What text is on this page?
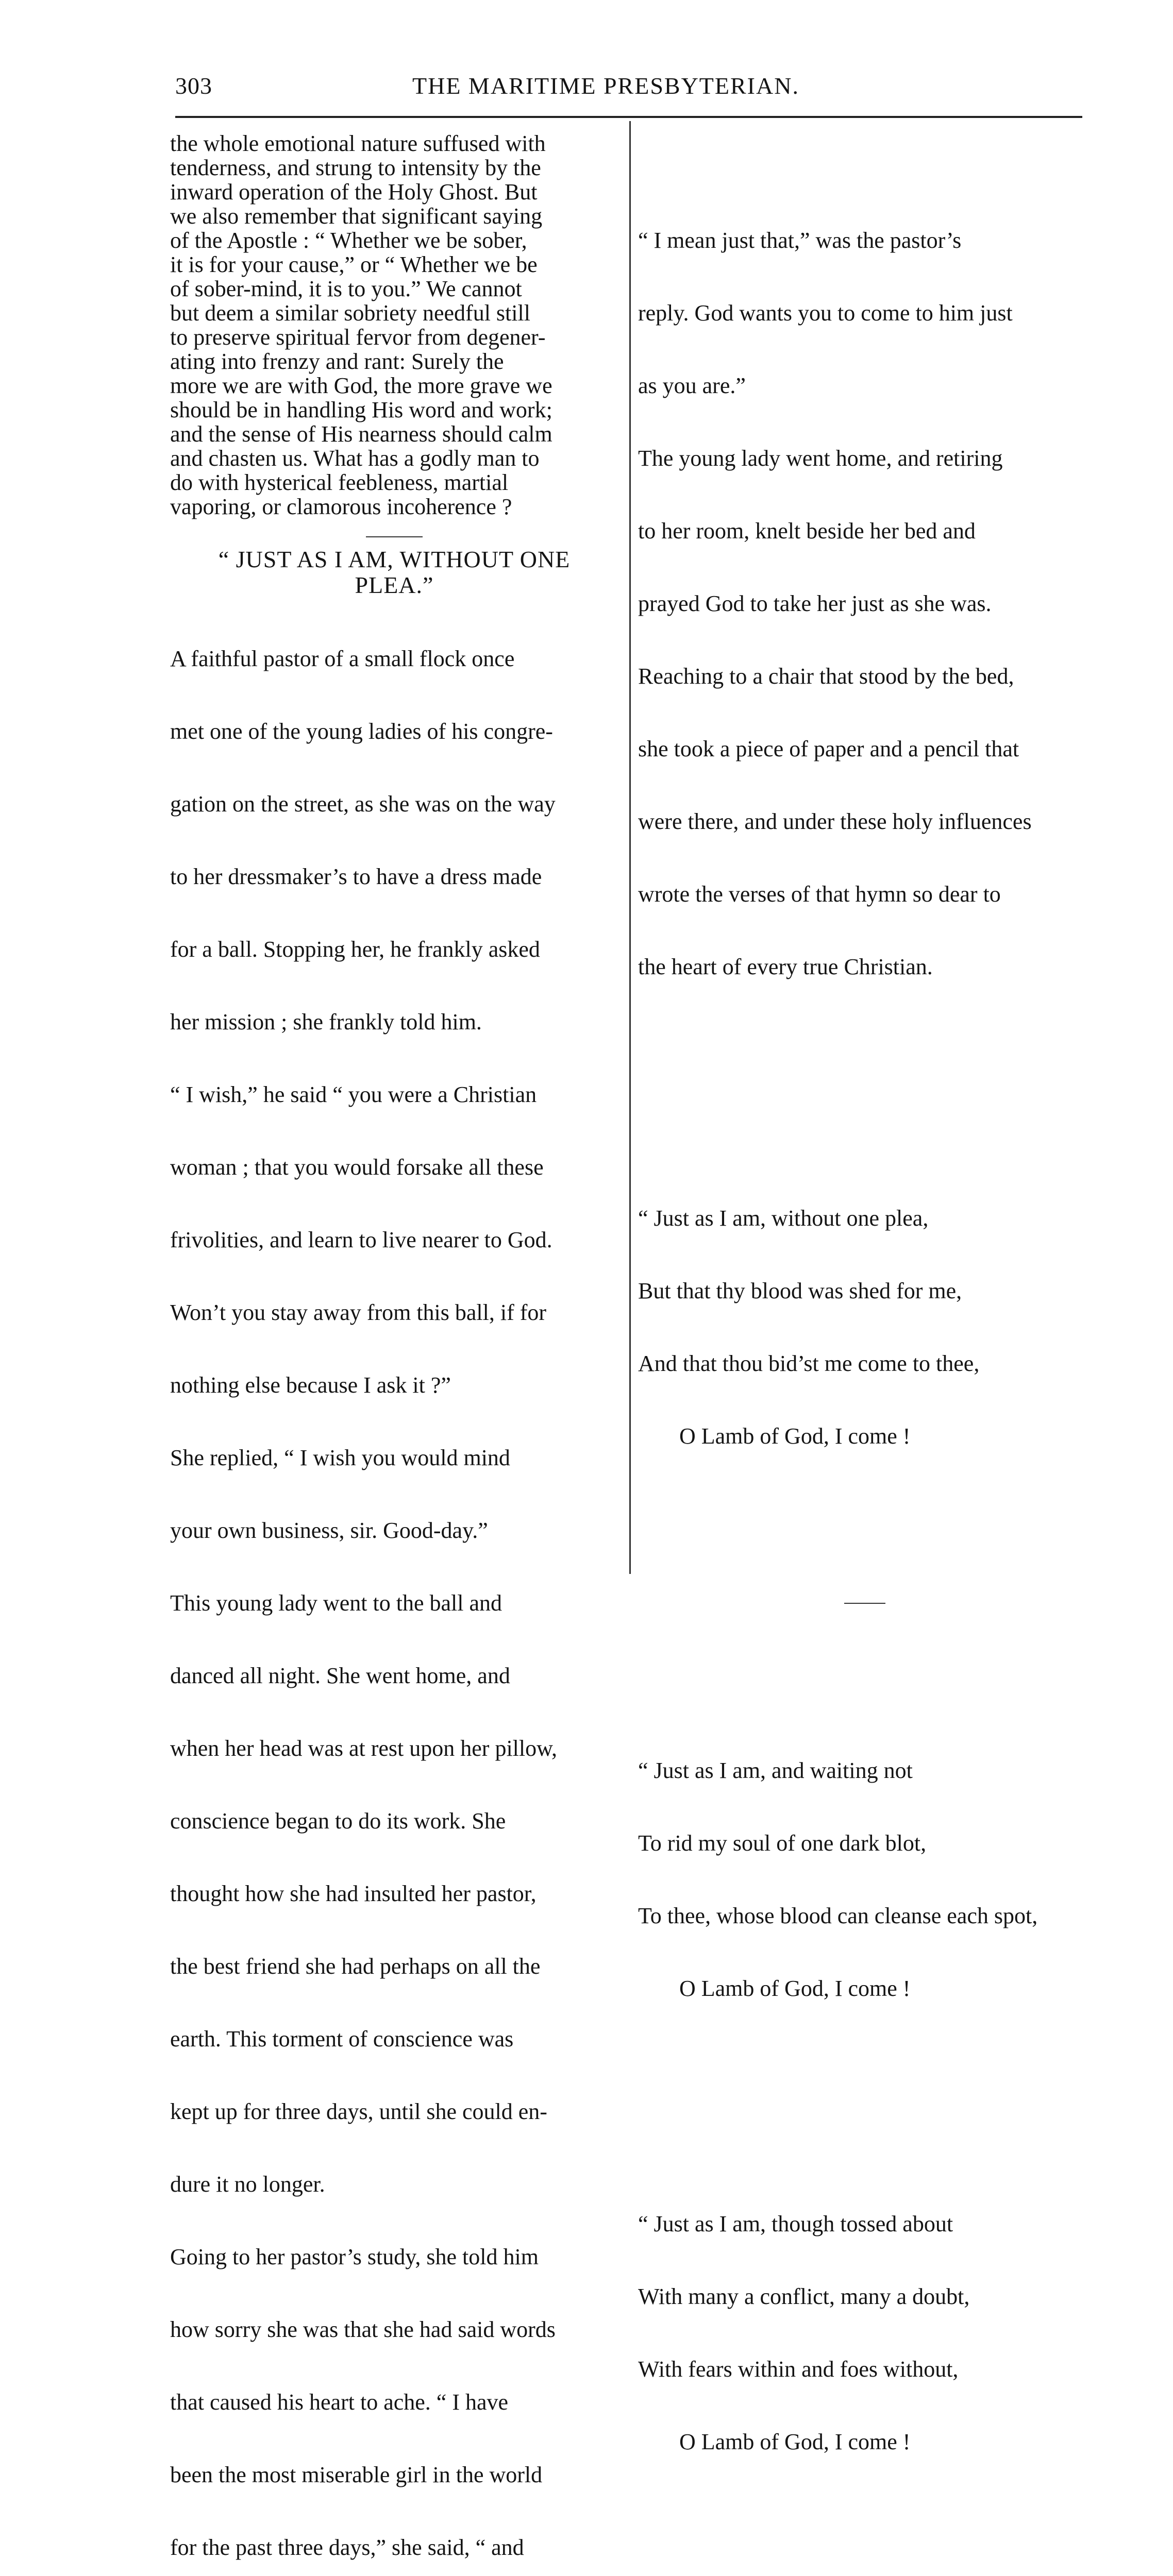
303	THE MARITIME PRESBYTERIAN.
the whole emotional nature suffused with
tenderness, and strung to intensity by the
inward operation of the Holy Ghost. But
we also remember that significant saying
of the Apostle : “ Whether we be sober,
it is for your cause,” or “ Whether we be
of sober-mind, it is to you.” We cannot
but deem a similar sobriety needful still
to preserve spiritual fervor from degener-
ating into frenzy and rant: Surely the
more we are with God, the more grave we
should be in handling His word and work;
and the sense of His nearness should calm
and chasten us. What has a godly man to
do with hysterical feebleness, martial
vaporing, or clamorous incoherence ?
“ JUST AS I AM, WITHOUT ONE
PLEA.”

A faithful pastor of a small flock once

met one of the young ladies of his congre-

gation on the street, as she was on the way

to her dressmaker’s to have a dress made

for a ball. Stopping her, he frankly asked

her mission ; she frankly told him.

“ I wish,” he said “ you were a Christian

woman ; that you would forsake all these

frivolities, and learn to live nearer to God.

Won’t you stay away from this ball, if for

nothing else because I ask it ?”

She replied, “ I wish you would mind

your own business, sir. Good-day.”

This young lady went to the ball and

danced all night. She went home, and

when her head was at rest upon her pillow,

conscience began to do its work. She

thought how she had insulted her pastor,

the best friend she had perhaps on all the

earth. This torment of conscience was

kept up for three days, until she could en-

dure it no longer.

Going to her pastor’s study, she told him

how sorry she was that she had said words

that caused his heart to ache. “ I have

been the most miserable girl in the world

for the past three days,” she said, “ and

“ I mean just that,” was the pastor’s

reply. God wants you to come to him just

as you are.”

The young lady went home, and retiring

to her room, knelt beside her bed and

prayed God to take her just as she was.

Reaching to a chair that stood by the bed,

she took a piece of paper and a pencil that

were there, and under these holy influences

wrote the verses of that hymn so dear to

the heart of every true Christian.

“ Just as I am, without one plea,

But that thy blood was shed for me,

And that thou bid’st me come to thee,

O Lamb of God, I come !

“ Just as I am, and waiting not

To rid my soul of one dark blot,

To thee, whose blood can cleanse each spot,

O Lamb of God, I come !

“ Just as I am, though tossed about

With many a conflict, many a doubt,

With fears within and foes without,

O Lamb of God, I come !
